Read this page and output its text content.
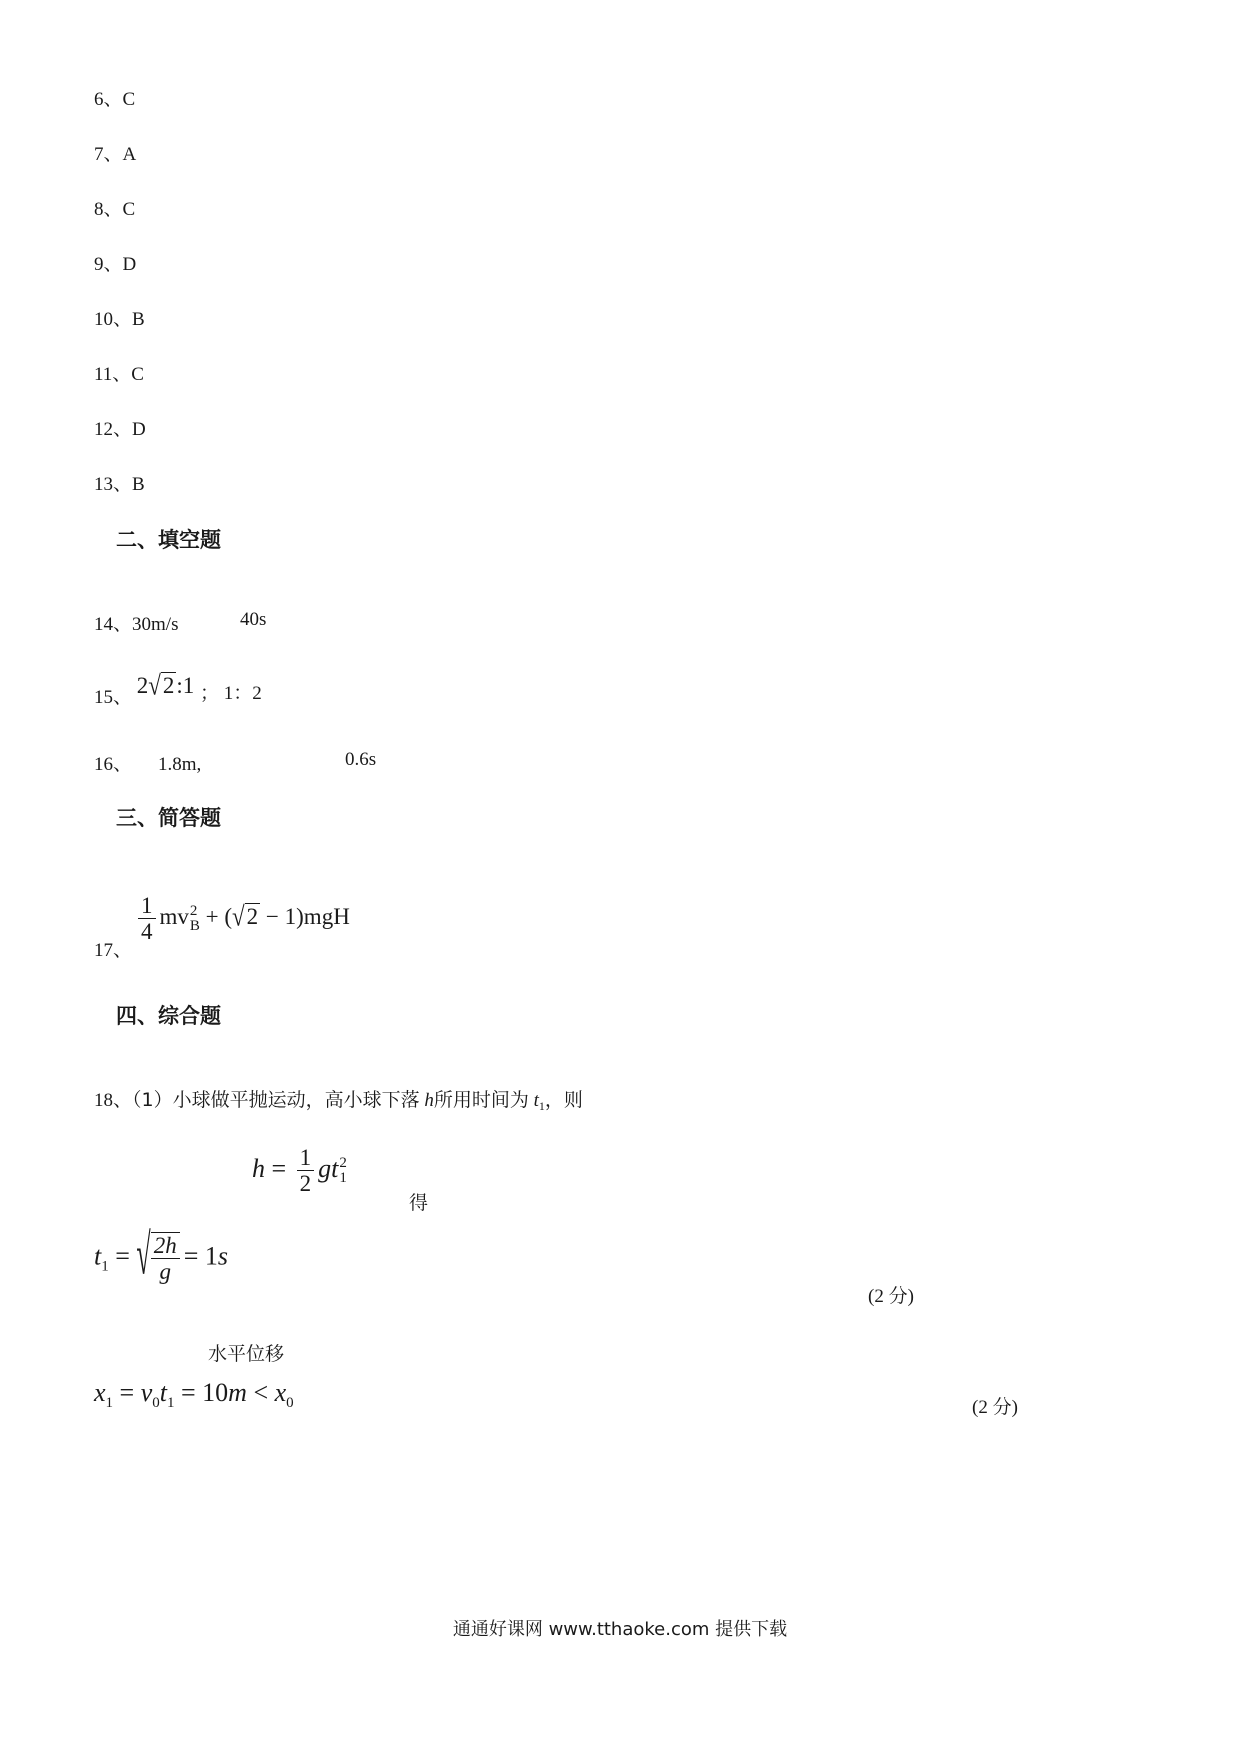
6、C
7、A
8、C
9、D
10、B
11、C
12、D
13、B
二、填空题
14、30m/s	40s
15、 2√2:1 ； 1：2
16、 1.8m,	0.6s
三、简答题
17、
$\frac{1}{4}$ mv 2
B + (√2 − 1)mgH
四、综合题
18、（1）小球做平抛运动，高小球下落 h所用时间为 $t_1$，则
$h = \frac{1}{2}$ gt 2
1
得
$t_1$ = √ $\frac{2h}{g} = 1s$
(2 分)
水平位移
$x_1 = v_0t_1 = 10m < x_0$	(2 分)
通通好课网 www.tthaoke.com 提供下载
